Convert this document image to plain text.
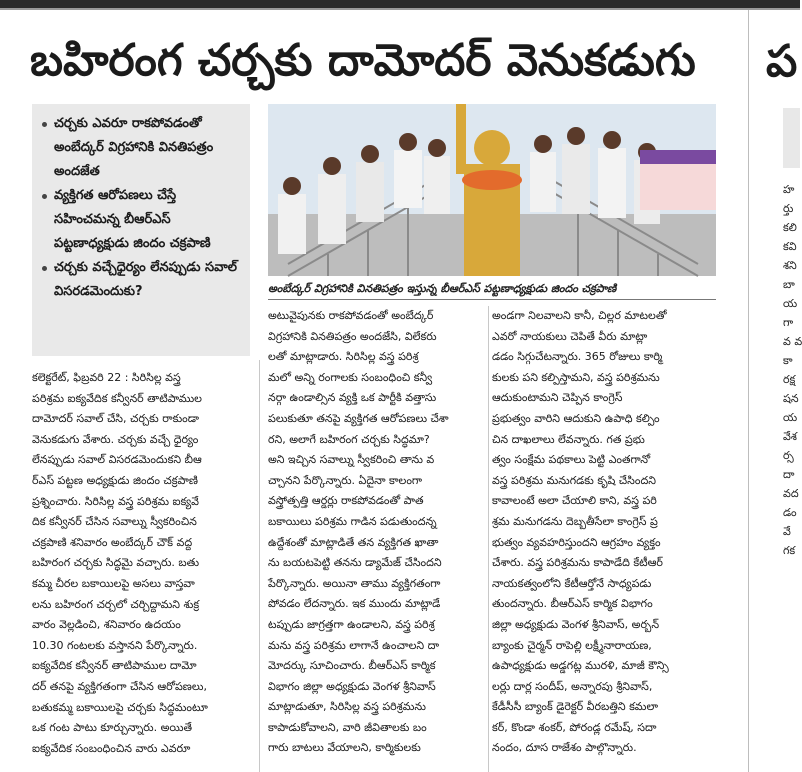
బహిరంగ చర్చకు దామోదర్ వెనుకడుగు	ప

హ

ర్తు

కలి

కవి

శని

బా

య

గా

వ వ

కా

రక్ష

షన

య

వేశ

ర్స

దా

వద

డం

వే

గక

చర్చకు ఎవరూ రాకపోవడంతో అంబేద్కర్ విగ్రహానికి వినతిపత్రం అందజేత
వ్యక్తిగత ఆరోపణలు చేస్తే సహించమన్న బీఆర్ఎస్ పట్టణాధ్యక్షుడు జిందం చక్రపాణి
చర్చకు వచ్చేధైర్యం లేనప్పుడు సవాల్ విసరడమెందుకు?	అంబేద్కర్ విగ్రహానికి వినతిపత్రం ఇస్తున్న బీఆర్ఎస్ పట్టణాధ్యక్షుడు జిందం చక్రపాణి

కలెక్టరేట్, ఫిబ్రవరి 22 : సిరిసిల్ల వస్త్ర

పరిశ్రమ ఐక్యవేదిక కన్వీనర్ తాటిపాముల

దామోదర్ సవాల్ చేసి, చర్చకు రాకుండా

వెనుకడుగు వేశారు. చర్చకు వచ్చే ధైర్యం

లేనప్పుడు సవాల్ విసరడమెందుకని బీఆ

ర్ఎస్ పట్టణ అధ్యక్షుడు జిందం చక్రపాణి

ప్రశ్నించారు. సిరిసిల్ల వస్త్ర పరిశ్రమ ఐక్యవే

దిక కన్వీనర్ చేసిన సవాల్ను స్వీకరించిన

చక్రపాణి శనివారం అంబేద్కర్ చౌక్ వద్ద

బహిరంగ చర్చకు సిద్ధమై వచ్చారు. బతు

కమ్మ చీరల బకాయిలపై అసలు వాస్తవా

లను బహిరంగ చర్చలో చర్చిద్దామని శుక్ర

వారం వెల్లడించి, శనివారం ఉదయం

10.30 గంటలకు వస్తానని పేర్కొన్నారు.

ఐక్యవేదిక కన్వీనర్ తాటిపాముల దామో

దర్ తనపై వ్యక్తిగతంగా చేసిన ఆరోపణలు,

బతుకమ్మ బకాయిలపై చర్చకు సిద్ధమంటూ

ఒక గంట పాటు కూర్చున్నారు. అయితే

ఐక్యవేదిక సంబంధించిన వారు ఎవరూ

అటువైపునకు రాకపోవడంతో అంబేద్కర్

విగ్రహానికి వినతిపత్రం అందజేసి, విలేకరు

లతో మాట్లాడారు. సిరిసిల్ల వస్త్ర పరిశ్ర

మలో అన్ని రంగాలకు సంబంధించి కన్వీ

నర్గా ఉండాల్సిన వ్యక్తి ఒక పార్టీకి వత్తాసు

పలుకుతూ తనపై వ్యక్తిగత ఆరోపణలు చేశా

రని, అలాగే బహిరంగ చర్చకు సిద్ధమా?

అని ఇచ్చిన సవాల్ను స్వీకరించి తాను వ

చ్చానని పేర్కొన్నారు. ఏదైనా కాలంగా

వస్త్రోత్పత్తి ఆర్డర్లు రాకపోవడంతో పాత

బకాయిలు పరిశ్రమ గాడిన పడుతుందన్న

ఉద్దేశంతో మాట్లాడితే తన వ్యక్తిగత ఖాతా

ను బయటపెట్టి తనను డ్యామేజ్ చేసిందని

పేర్కొన్నారు. అయినా తాము వ్యక్తిగతంగా

పోవడం లేదన్నారు. ఇక ముందు మాట్లాడే

టప్పుడు జాగ్రత్తగా ఉండాలని, వస్త్ర పరిశ్ర

మను వస్త్ర పరిశ్రమ లాగానే ఉంచాలని దా

మోదర్కు సూచించారు. బీఆర్ఎస్ కార్మిక

విభాగం జిల్లా అధ్యక్షుడు వెంగళ శ్రీనివాస్

మాట్లాడుతూ, సిరిసిల్ల వస్త్ర పరిశ్రమను

కాపాడుకోవాలని, వారి జీవితాలకు బం

గారు బాటలు వేయాలని, కార్మికులకు

అండగా నిలవాలని కానీ, చిల్లర మాటలతో

ఎవరో నాయకులు చెపితే వీరు మాట్లా

డడం సిగ్గుచేటన్నారు. 365 రోజులు కార్మి

కులకు పని కల్పిస్తామని, వస్త్ర పరిశ్రమను

ఆదుకుంటామని చెప్పిన కాంగ్రెస్

ప్రభుత్వం వారిని ఆదుకుని ఉపాధి కల్పిం

చిన దాఖలాలు లేవన్నారు. గత ప్రభు

త్వం సంక్షేమ పథకాలు పెట్టి ఎంతగానో

వస్త్ర పరిశ్రమ మనుగడకు కృషి చేసిందని

కావాలంటే అలా చేయాలి కాని, వస్త్ర పరి

శ్రమ మనుగడను దెబ్బతీసేలా కాంగ్రెస్ ప్ర

భుత్వం వ్యవహరిస్తుందని ఆగ్రహం వ్యక్తం

చేశారు. వస్త్ర పరిశ్రమను కాపాడేది కేటీఆర్

నాయకత్వంలోని కేటీఆర్తోనే సాధ్యపడు

తుందన్నారు. బీఆర్ఎస్ కార్మిక విభాగం

జిల్లా అధ్యక్షుడు వెంగళ శ్రీనివాస్, అర్బన్

బ్యాంకు చైర్మన్ రాపెల్లి లక్ష్మీనారాయణ,

ఉపాధ్యక్షుడు అడ్డగట్ల మురళి, మాజీ కౌన్సి

లర్లు దార్ల సందీప్, అన్నారపు శ్రీనివాస్,

కేడీసీసీ బ్యాంక్ డైరెక్టర్ వీరబత్తిని కమలా

కర్, కొండా శంకర్, పోరండ్ల రమేష్, సదా

నందం, దూస రాజేశం పాల్గొన్నారు.
